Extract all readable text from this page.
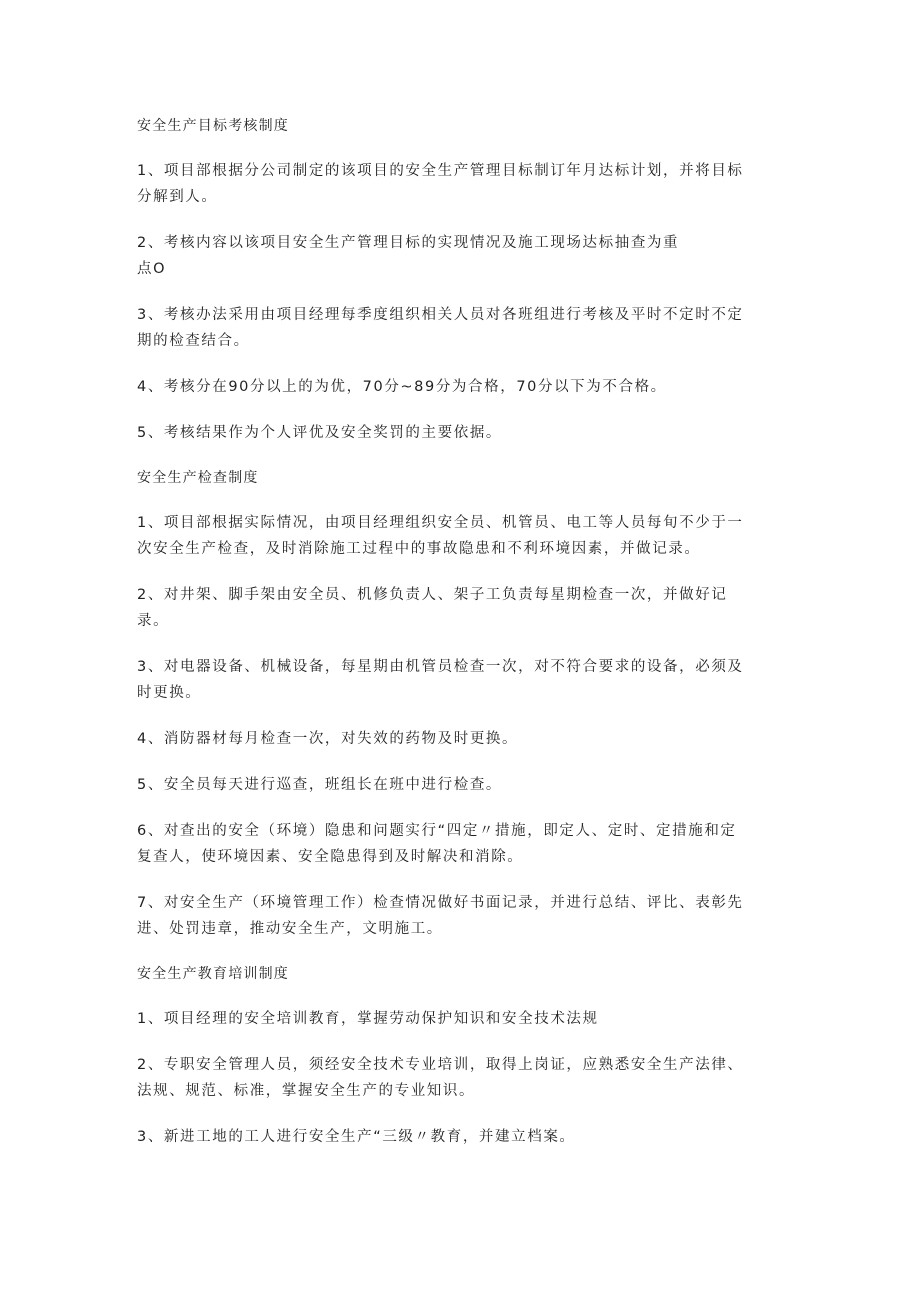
安全生产目标考核制度
1、项目部根据分公司制定的该项目的安全生产管理目标制订年月达标计划，并将目标
分解到人。
2、考核内容以该项目安全生产管理目标的实现情况及施工现场达标抽查为重
点O
3、考核办法采用由项目经理每季度组织相关人员对各班组进行考核及平时不定时不定
期的检查结合。
4、考核分在90分以上的为优，70分~89分为合格，70分以下为不合格。
5、考核结果作为个人评优及安全奖罚的主要依据。
安全生产检查制度
1、项目部根据实际情况，由项目经理组织安全员、机管员、电工等人员每旬不少于一
次安全生产检查，及时消除施工过程中的事故隐患和不利环境因素，并做记录。
2、对井架、脚手架由安全员、机修负责人、架子工负责每星期检查一次，并做好记
录。
3、对电器设备、机械设备，每星期由机管员检查一次，对不符合要求的设备，必须及
时更换。
4、消防器材每月检查一次，对失效的药物及时更换。
5、安全员每天进行巡查，班组长在班中进行检查。
6、对查出的安全（环境）隐患和问题实行“四定〃措施，即定人、定时、定措施和定
复查人，使环境因素、安全隐患得到及时解决和消除。
7、对安全生产（环境管理工作）检查情况做好书面记录，并进行总结、评比、表彰先
进、处罚违章，推动安全生产，文明施工。
安全生产教育培训制度
1、项目经理的安全培训教育，掌握劳动保护知识和安全技术法规
2、专职安全管理人员，须经安全技术专业培训，取得上岗证，应熟悉安全生产法律、
法规、规范、标准，掌握安全生产的专业知识。
3、新进工地的工人进行安全生产“三级〃教育，并建立档案。
